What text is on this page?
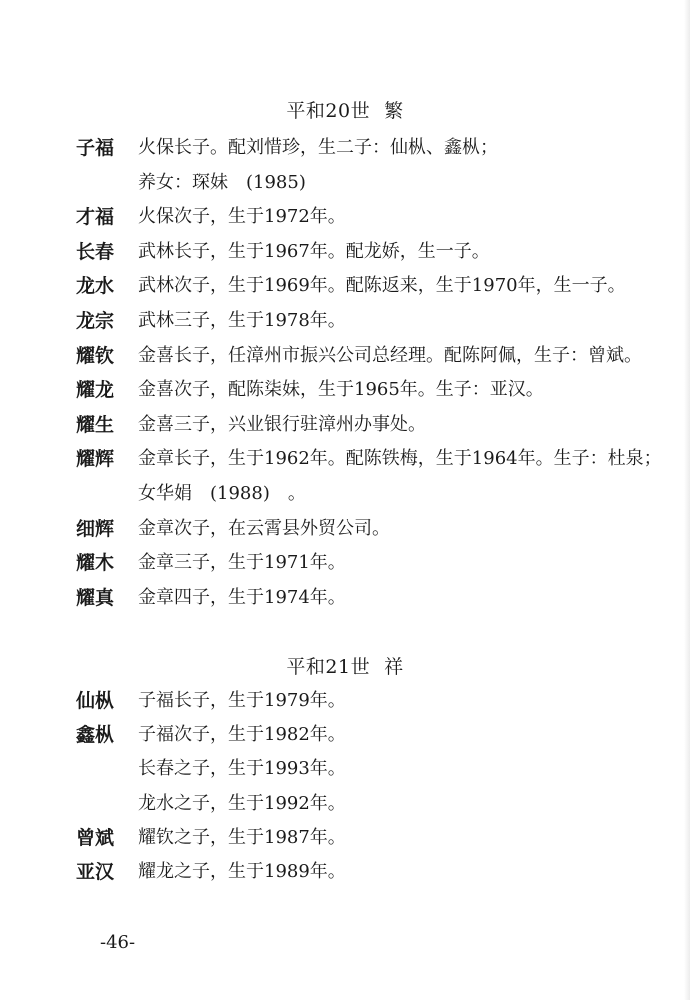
平和20世 繁
子福 火保长子。配刘惜珍，生二子：仙枞、鑫枞；
养女：琛妹　(1985)
才福 火保次子，生于1972年。
长春 武林长子，生于1967年。配龙娇，生一子。
龙水 武林次子，生于1969年。配陈返来，生于1970年，生一子。
龙宗 武林三子，生于1978年。
耀钦 金喜长子，任漳州市振兴公司总经理。配陈阿佩，生子：曾斌。
耀龙 金喜次子，配陈柒妹，生于1965年。生子：亚汉。
耀生 金喜三子，兴业银行驻漳州办事处。
耀辉 金章长子，生于1962年。配陈铁梅，生于1964年。生子：杜泉；
女华娟　(1988)　。
细辉 金章次子，在云霄县外贸公司。
耀木 金章三子，生于1971年。
耀真 金章四子，生于1974年。
平和21世 祥
仙枞 子福长子，生于1979年。
鑫枞 子福次子，生于1982年。
长春之子，生于1993年。
龙水之子，生于1992年。
曾斌 耀钦之子，生于1987年。
亚汉 耀龙之子，生于1989年。
-46-
